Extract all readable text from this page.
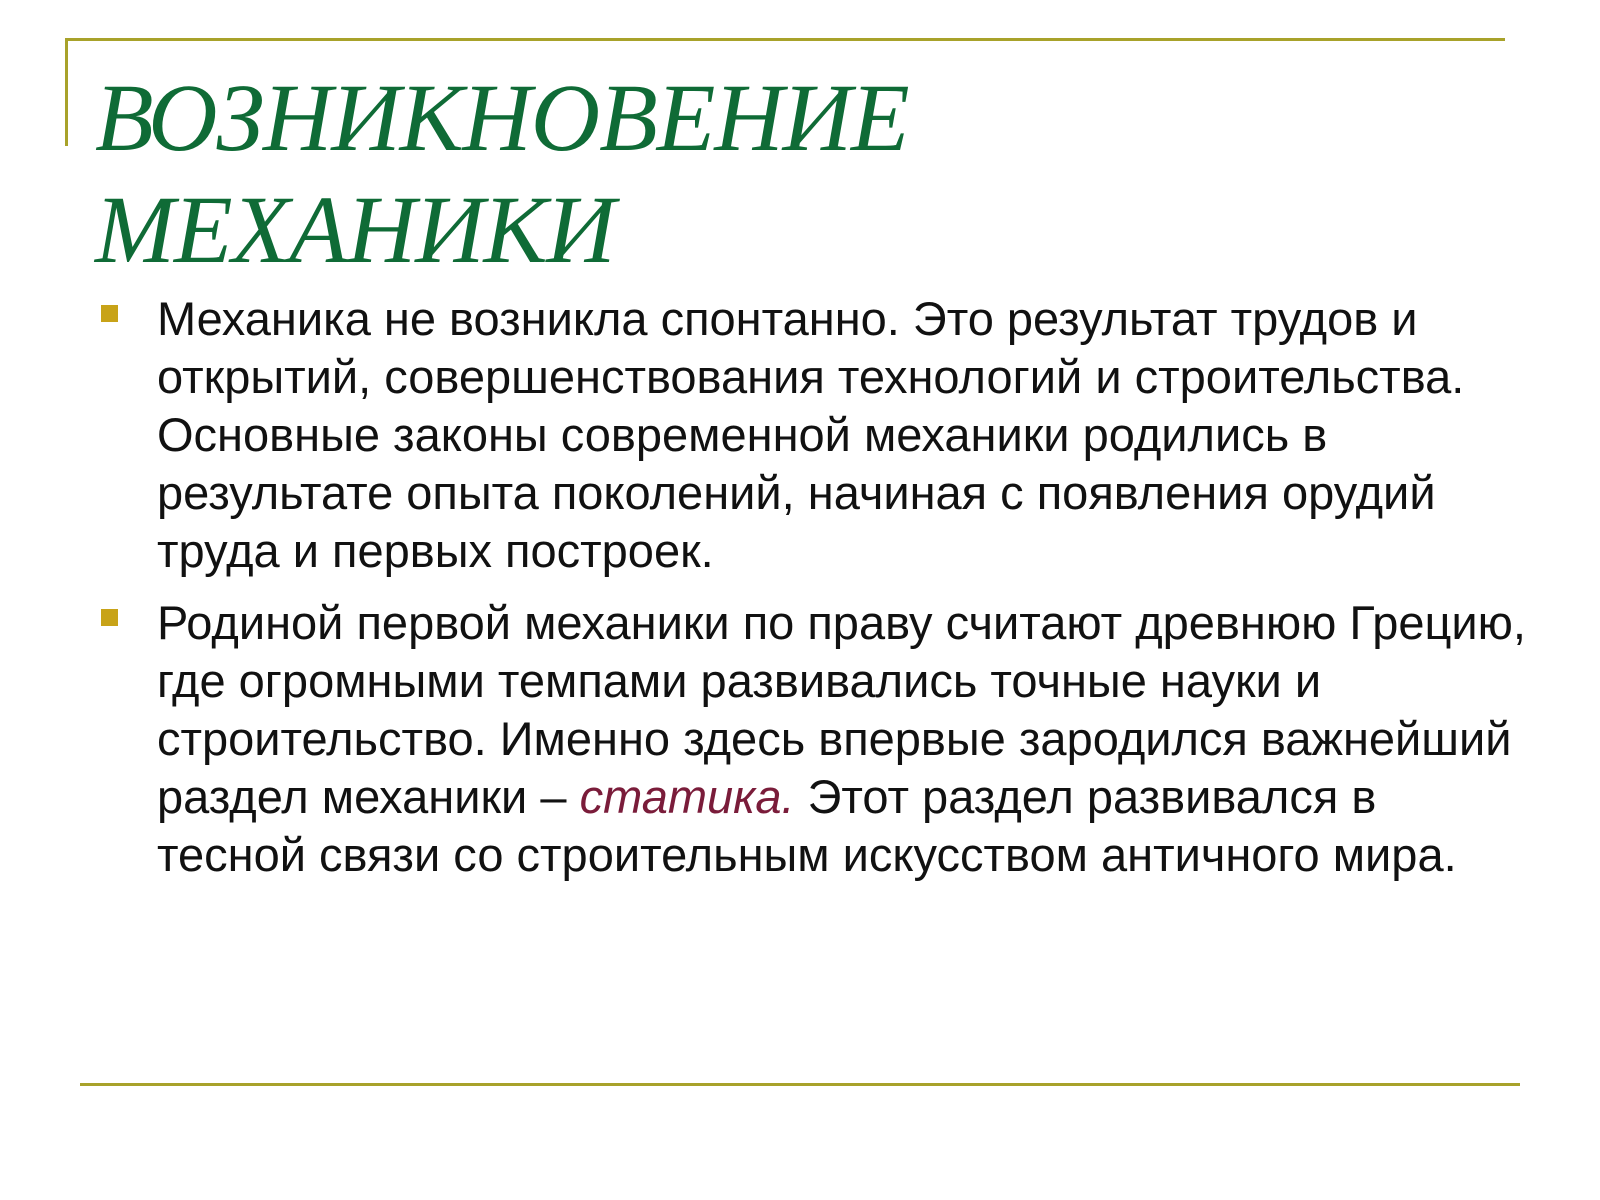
ВОЗНИКНОВЕНИЕ
МЕХАНИКИ
Механика не возникла спонтанно. Это результат трудов и открытий, совершенствования технологий и строительства. Основные законы современной механики родились в результате опыта поколений, начиная с появления орудий труда и первых построек.
Родиной первой механики по праву считают древнюю Грецию, где огромными темпами развивались точные науки и строительство. Именно здесь впервые зародился важнейший раздел механики – статика. Этот раздел развивался в тесной связи со строительным искусством античного мира.
